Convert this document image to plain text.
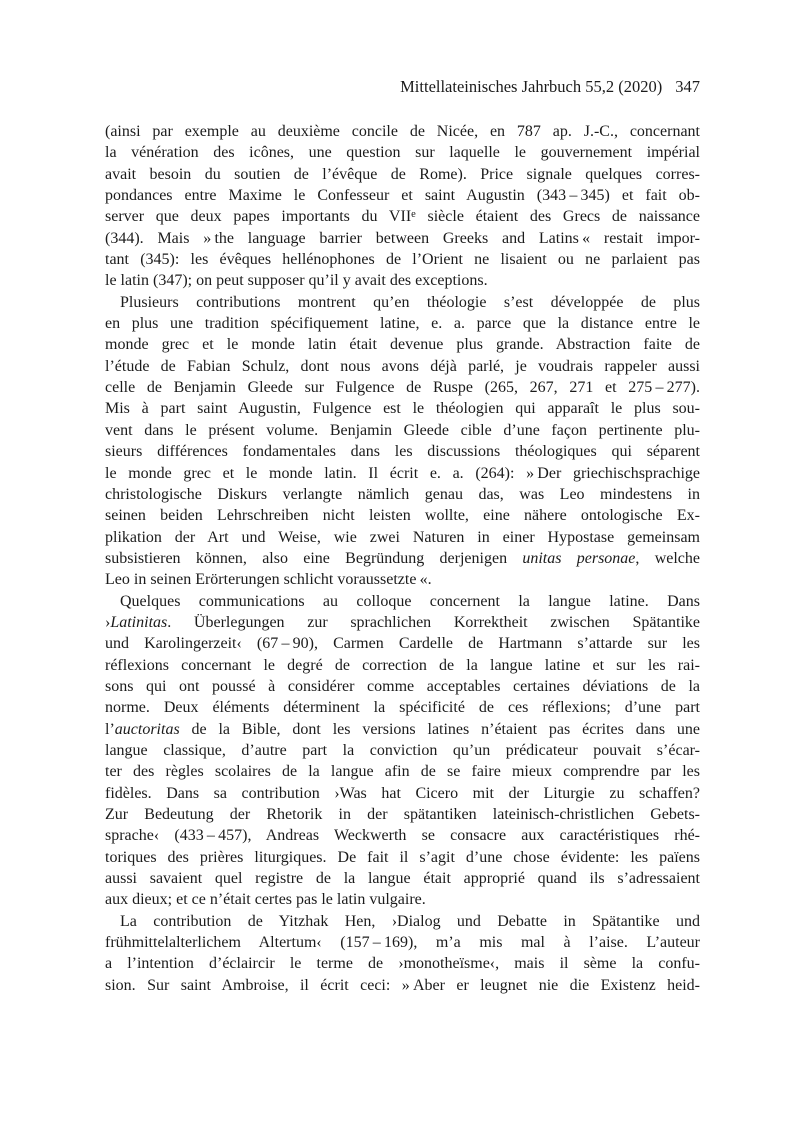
Mittellateinisches Jahrbuch 55,2 (2020) 347
(ainsi par exemple au deuxième concile de Nicée, en 787 ap. J.-C., concernant
la vénération des icônes, une question sur laquelle le gouvernement impérial
avait besoin du soutien de l’évêque de Rome). Price signale quelques corres-
pondances entre Maxime le Confesseur et saint Augustin (343 – 345) et fait ob-
server que deux papes importants du VIIe siècle étaient des Grecs de naissance
(344). Mais » the language barrier between Greeks and Latins « restait impor-
tant (345): les évêques hellénophones de l’Orient ne lisaient ou ne parlaient pas
le latin (347); on peut supposer qu’il y avait des exceptions.
Plusieurs contributions montrent qu’en théologie s’est développée de plus
en plus une tradition spécifiquement latine, e. a. parce que la distance entre le
monde grec et le monde latin était devenue plus grande. Abstraction faite de
l’étude de Fabian Schulz, dont nous avons déjà parlé, je voudrais rappeler aussi
celle de Benjamin Gleede sur Fulgence de Ruspe (265, 267, 271 et 275 – 277).
Mis à part saint Augustin, Fulgence est le théologien qui apparaît le plus sou-
vent dans le présent volume. Benjamin Gleede cible d’une façon pertinente plu-
sieurs différences fondamentales dans les discussions théologiques qui séparent
le monde grec et le monde latin. Il écrit e. a. (264): » Der griechischsprachige
christologische Diskurs verlangte nämlich genau das, was Leo mindestens in
seinen beiden Lehrschreiben nicht leisten wollte, eine nähere ontologische Ex-
plikation der Art und Weise, wie zwei Naturen in einer Hypostase gemeinsam
subsistieren können, also eine Begründung derjenigen unitas personae, welche
Leo in seinen Erörterungen schlicht voraussetzte «.
Quelques communications au colloque concernent la langue latine. Dans
›Latinitas. Überlegungen zur sprachlichen Korrektheit zwischen Spätantike
und Karolingerzeit‹ (67 – 90), Carmen Cardelle de Hartmann s’attarde sur les
réflexions concernant le degré de correction de la langue latine et sur les rai-
sons qui ont poussé à considérer comme acceptables certaines déviations de la
norme. Deux éléments déterminent la spécificité de ces réflexions; d’une part
l’auctoritas de la Bible, dont les versions latines n’étaient pas écrites dans une
langue classique, d’autre part la conviction qu’un prédicateur pouvait s’écar-
ter des règles scolaires de la langue afin de se faire mieux comprendre par les
fidèles. Dans sa contribution ›Was hat Cicero mit der Liturgie zu schaffen?
Zur Bedeutung der Rhetorik in der spätantiken lateinisch-christlichen Gebets-
sprache‹ (433 – 457), Andreas Weckwerth se consacre aux caractéristiques rhé-
toriques des prières liturgiques. De fait il s’agit d’une chose évidente: les païens
aussi savaient quel registre de la langue était approprié quand ils s’adressaient
aux dieux; et ce n’était certes pas le latin vulgaire.
La contribution de Yitzhak Hen, ›Dialog und Debatte in Spätantike und
frühmittelalterlichem Altertum‹ (157 – 169), m’a mis mal à l’aise. L’auteur
a l’intention d’éclaircir le terme de ›monotheïsme‹, mais il sème la confu-
sion. Sur saint Ambroise, il écrit ceci: » Aber er leugnet nie die Existenz heid-
